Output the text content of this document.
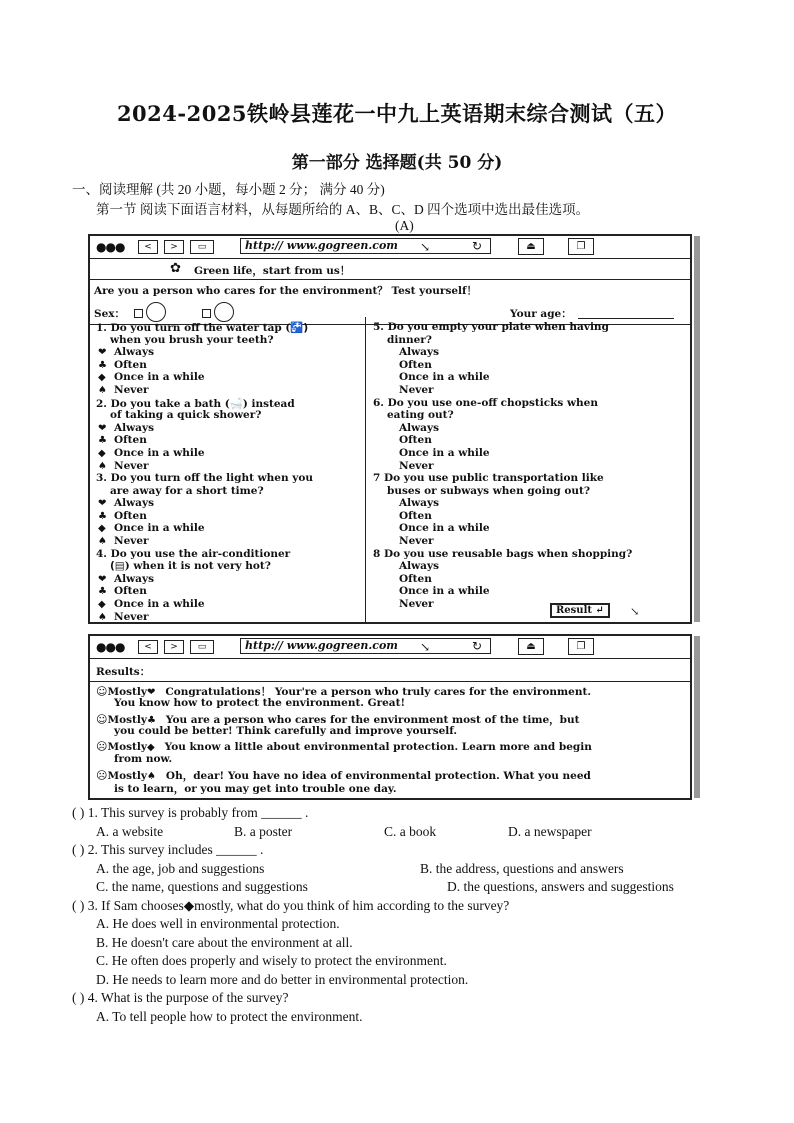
2024-2025铁岭县莲花一中九上英语期末综合测试（五）
第一部分 选择题(共 50 分)
一、阅读理解 (共 20 小题，每小题 2 分； 满分 40 分)
第一节 阅读下面语言材料，从每题所给的 A、B、C、D 四个选项中选出最佳选项。
(A)
●●●	<	>	▭	http:// www.gogreen.com	↘	↻	⏏	❐
✿ Green life，start from us！
Are you a person who cares for the environment？ Test yourself！
Sex：	Your age：
1. Do you turn off the water tap (🚰)
when you brush your teeth?
❤ Always
♣ Often
◆ Once in a while
♠ Never
2. Do you take a bath (🛁) instead
of taking a quick shower?
❤ Always
♣ Often
◆ Once in a while
♠ Never
3. Do you turn off the light when you
are away for a short time?
❤ Always
♣ Often
◆ Once in a while
♠ Never
4. Do you use the air-conditioner
(▤) when it is not very hot?
❤ Always
♣ Often
◆ Once in a while
♠ Never
5. Do you empty your plate when having
dinner?
Always
Often
Once in a while
Never
6. Do you use one-off chopsticks when
eating out?
Always
Often
Once in a while
Never
7 Do you use public transportation like
buses or subways when going out?
Always
Often
Once in a while
Never
8 Do you use reusable bags when shopping?
Always
Often
Once in a while
Never
Result ↵	↘
●●●	<	>	▭	http:// www.gogreen.com	↘	↻	⏏	❐
Results：
☺Mostly❤ Congratulations！ Your're a person who truly cares for the environment.
You know how to protect the environment. Great!
☺Mostly♣ You are a person who cares for the environment most of the time，but
you could be better! Think carefully and improve yourself.
☹Mostly◆ You know a little about environmental protection. Learn more and begin
from now.
☹Mostly♠ Oh，dear! You have no idea of environmental protection. What you need
is to learn，or you may get into trouble one day.
( ) 1. This survey is probably from ______ .
A. a website	B. a poster	C. a book	D. a newspaper
( ) 2. This survey includes ______ .
A. the age, job and suggestions	B. the address, questions and answers
C. the name, questions and suggestions	D. the questions, answers and suggestions
( ) 3. If Sam chooses◆mostly, what do you think of him according to the survey?
A. He does well in environmental protection.
B. He doesn't care about the environment at all.
C. He often does properly and wisely to protect the environment.
D. He needs to learn more and do better in environmental protection.
( ) 4. What is the purpose of the survey?
A. To tell people how to protect the environment.
